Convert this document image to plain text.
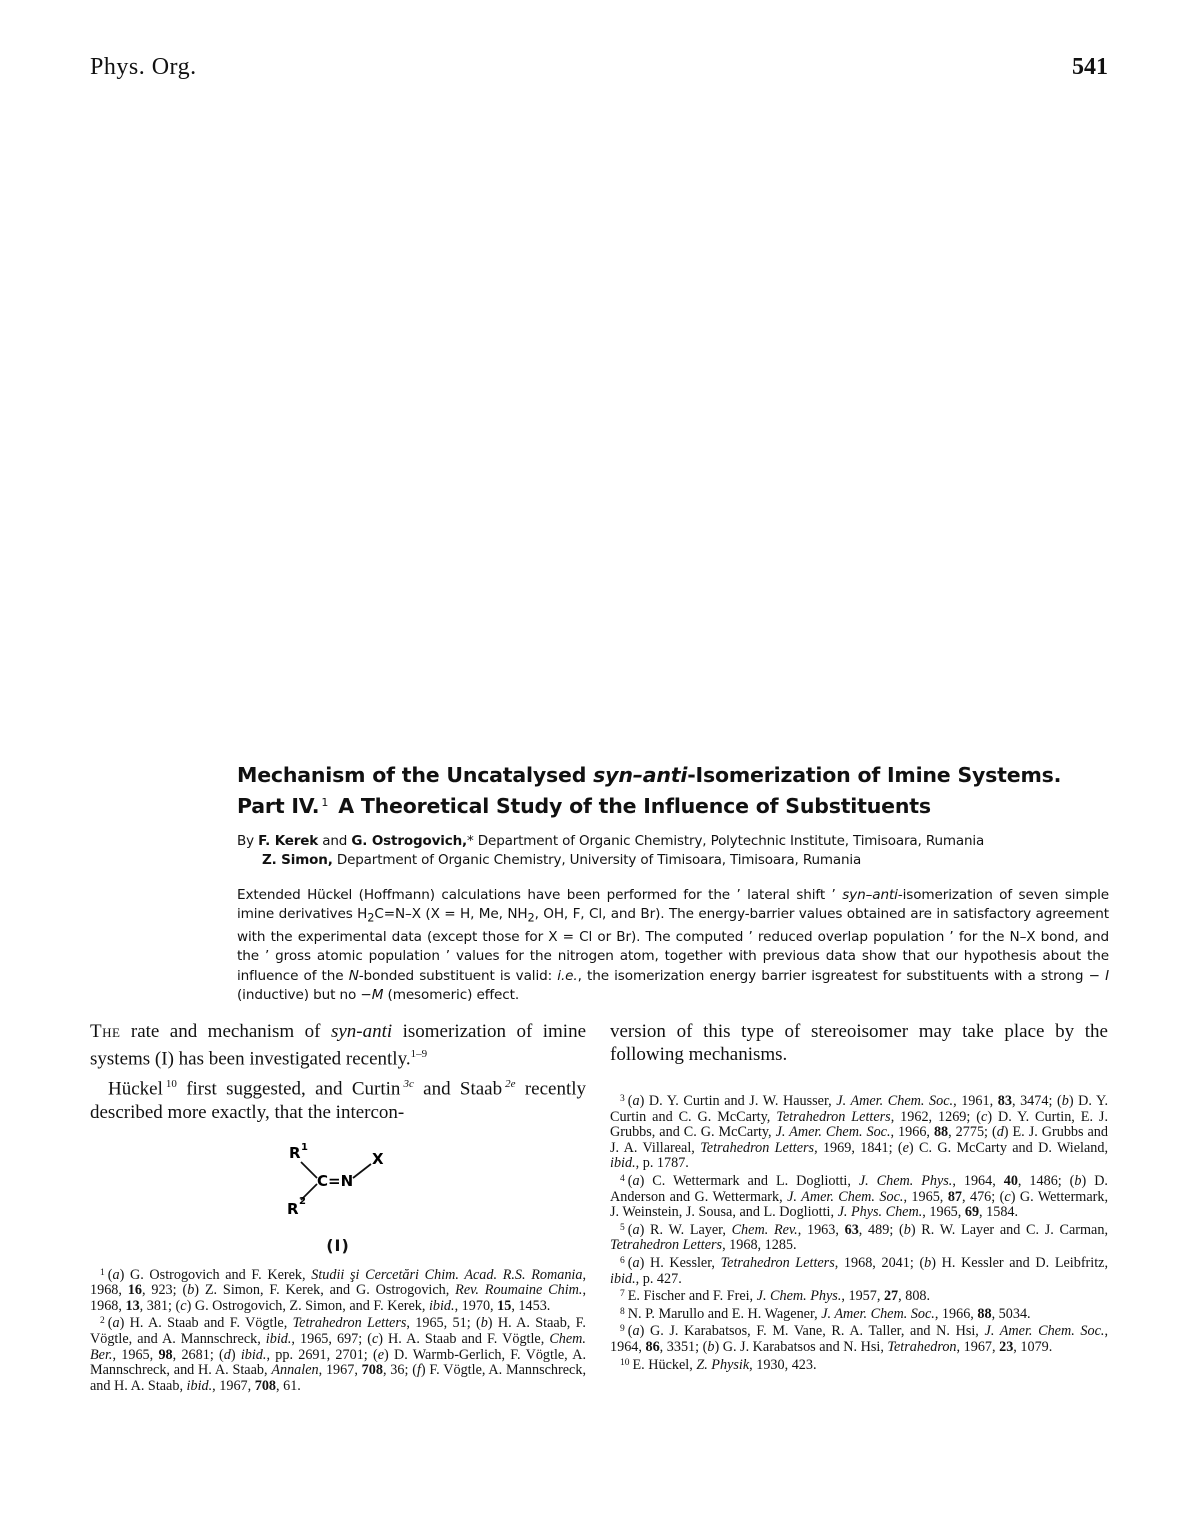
Phys. Org.	541
Mechanism of the Uncatalysed syn–anti-Isomerization of Imine Systems.
Part IV. $^1$ A Theoretical Study of the Influence of Substituents
By F. Kerek and G. Ostrogovich,* Department of Organic Chemistry, Polytechnic Institute, Timisoara, Rumania
Z. Simon, Department of Organic Chemistry, University of Timisoara, Timisoara, Rumania
Extended Hückel (Hoffmann) calculations have been performed for the ’ lateral shift ’ syn–anti-isomerization of seven simple imine derivatives $H_2C=N-X$ (X = H, Me, $NH_2$, OH, F, Cl, and Br). The energy-barrier values obtained are in satisfactory agreement with the experimental data (except those for X = Cl or Br). The computed ’ reduced overlap population ’ for the N–X bond, and the ’ gross atomic population ’ values for the nitrogen atom, together with previous data show that our hypothesis about the influence of the N-bonded substituent is valid: i.e., the isomerization energy barrier isgreatest for substituents with a strong − I (inductive) but no −M (mesomeric) effect.

The rate and mechanism of syn-anti isomerization of imine systems (I) has been investigated recently.$^{1-9}$

Hückel $^{10}$ first suggested, and Curtin $^{3c}$ and Staab $^{2e}$ recently described more exactly, that the intercon-

R 1
C=N
X
R 2
(I)

$^1$ (a) G. Ostrogovich and F. Kerek, Studii şi Cercetări Chim. Acad. R.S. Romania, 1968, 16, 923; (b) Z. Simon, F. Kerek, and G. Ostrogovich, Rev. Roumaine Chim., 1968, 13, 381; (c) G. Ostrogovich, Z. Simon, and F. Kerek, ibid., 1970, 15, 1453.

$^2$ (a) H. A. Staab and F. Vögtle, Tetrahedron Letters, 1965, 51; (b) H. A. Staab, F. Vögtle, and A. Mannschreck, ibid., 1965, 697; (c) H. A. Staab and F. Vögtle, Chem. Ber., 1965, 98, 2681; (d) ibid., pp. 2691, 2701; (e) D. Warmb-Gerlich, F. Vögtle, A. Mannschreck, and H. A. Staab, Annalen, 1967, 708, 36; (f) F. Vögtle, A. Mannschreck, and H. A. Staab, ibid., 1967, 708, 61.

version of this type of stereoisomer may take place by the following mechanisms.

$^3$ (a) D. Y. Curtin and J. W. Hausser, J. Amer. Chem. Soc., 1961, 83, 3474; (b) D. Y. Curtin and C. G. McCarty, Tetrahedron Letters, 1962, 1269; (c) D. Y. Curtin, E. J. Grubbs, and C. G. McCarty, J. Amer. Chem. Soc., 1966, 88, 2775; (d) E. J. Grubbs and J. A. Villareal, Tetrahedron Letters, 1969, 1841; (e) C. G. McCarty and D. Wieland, ibid., p. 1787.

$^4$ (a) C. Wettermark and L. Dogliotti, J. Chem. Phys., 1964, 40, 1486; (b) D. Anderson and G. Wettermark, J. Amer. Chem. Soc., 1965, 87, 476; (c) G. Wettermark, J. Weinstein, J. Sousa, and L. Dogliotti, J. Phys. Chem., 1965, 69, 1584.

$^5$ (a) R. W. Layer, Chem. Rev., 1963, 63, 489; (b) R. W. Layer and C. J. Carman, Tetrahedron Letters, 1968, 1285.

$^6$ (a) H. Kessler, Tetrahedron Letters, 1968, 2041; (b) H. Kessler and D. Leibfritz, ibid., p. 427.

$^7$ E. Fischer and F. Frei, J. Chem. Phys., 1957, 27, 808.

$^8$ N. P. Marullo and E. H. Wagener, J. Amer. Chem. Soc., 1966, 88, 5034.

$^9$ (a) G. J. Karabatsos, F. M. Vane, R. A. Taller, and N. Hsi, J. Amer. Chem. Soc., 1964, 86, 3351; (b) G. J. Karabatsos and N. Hsi, Tetrahedron, 1967, 23, 1079.

$^{10}$ E. Hückel, Z. Physik, 1930, 423.
